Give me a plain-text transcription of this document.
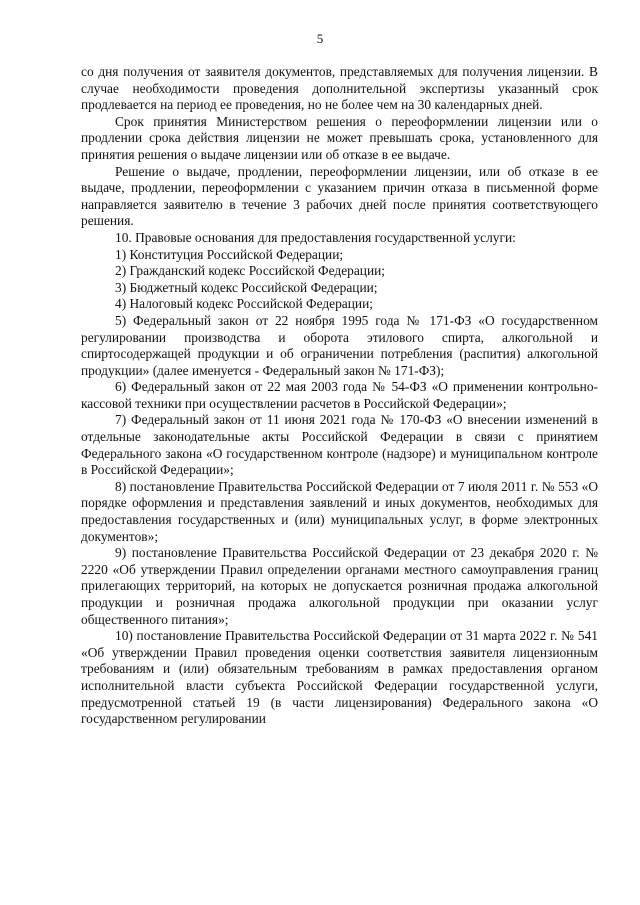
5

со дня получения от заявителя документов, представляемых для получения лицензии. В случае необходимости проведения дополнительной экспертизы указанный срок продлевается на период ее проведения, но не более чем на 30 календарных дней.

Срок принятия Министерством решения о переоформлении лицензии или о продлении срока действия лицензии не может превышать срока, установленного для принятия решения о выдаче лицензии или об отказе в ее выдаче.

Решение о выдаче, продлении, переоформлении лицензии, или об отказе в ее выдаче, продлении, переоформлении с указанием причин отказа в письменной форме направляется заявителю в течение 3 рабочих дней после принятия соответствующего решения.

10. Правовые основания для предоставления государственной услуги:

1) Конституция Российской Федерации;

2) Гражданский кодекс Российской Федерации;

3) Бюджетный кодекс Российской Федерации;

4) Налоговый кодекс Российской Федерации;

5) Федеральный закон от 22 ноября 1995 года № 171-ФЗ «О государственном регулировании производства и оборота этилового спирта, алкогольной и спиртосодержащей продукции и об ограничении потребления (распития) алкогольной продукции» (далее именуется - Федеральный закон № 171-ФЗ);

6) Федеральный закон от 22 мая 2003 года № 54-ФЗ «О применении контрольно-кассовой техники при осуществлении расчетов в Российской Федерации»;

7) Федеральный закон от 11 июня 2021 года № 170-ФЗ «О внесении изменений в отдельные законодательные акты Российской Федерации в связи с принятием Федерального закона «О государственном контроле (надзоре) и муниципальном контроле в Российской Федерации»;

8) постановление Правительства Российской Федерации от 7 июля 2011 г. № 553 «О порядке оформления и представления заявлений и иных документов, необходимых для предоставления государственных и (или) муниципальных услуг, в форме электронных документов»;

9) постановление Правительства Российской Федерации от 23 декабря 2020 г. № 2220 «Об утверждении Правил определении органами местного самоуправления границ прилегающих территорий, на которых не допускается розничная продажа алкогольной продукции и розничная продажа алкогольной продукции при оказании услуг общественного питания»;

10) постановление Правительства Российской Федерации от 31 марта 2022 г. № 541 «Об утверждении Правил проведения оценки соответствия заявителя лицензионным требованиям и (или) обязательным требованиям в рамках предоставления органом исполнительной власти субъекта Российской Федерации государственной услуги, предусмотренной статьей 19 (в части лицензирования) Федерального закона «О государственном регулировании
